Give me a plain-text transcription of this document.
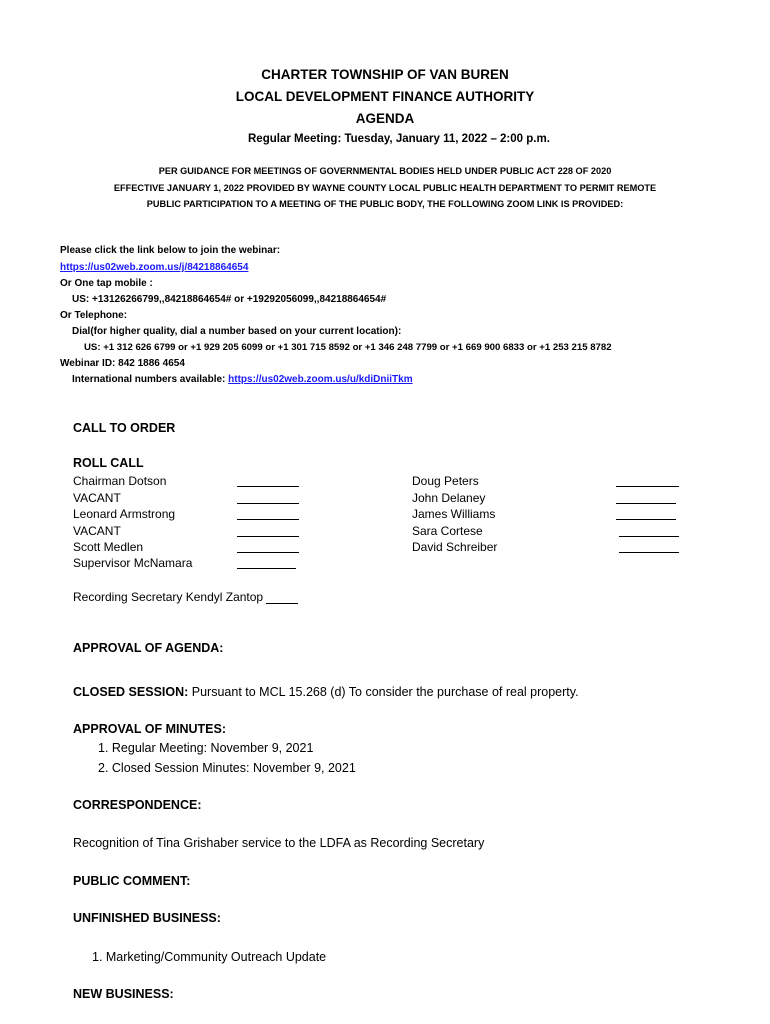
CHARTER TOWNSHIP OF VAN BUREN
LOCAL DEVELOPMENT FINANCE AUTHORITY
AGENDA
Regular Meeting: Tuesday, January 11, 2022 – 2:00 p.m.
PER GUIDANCE FOR MEETINGS OF GOVERNMENTAL BODIES HELD UNDER PUBLIC ACT 228 OF 2020
EFFECTIVE JANUARY 1, 2022 PROVIDED BY WAYNE COUNTY LOCAL PUBLIC HEALTH DEPARTMENT TO PERMIT REMOTE
PUBLIC PARTICIPATION TO A MEETING OF THE PUBLIC BODY, THE FOLLOWING ZOOM LINK IS PROVIDED:
Please click the link below to join the webinar:
https://us02web.zoom.us/j/84218864654
Or One tap mobile :
US: +13126266799,,84218864654# or +19292056099,,84218864654#
Or Telephone:
Dial(for higher quality, dial a number based on your current location):
US: +1 312 626 6799 or +1 929 205 6099 or +1 301 715 8592 or +1 346 248 7799 or +1 669 900 6833 or +1 253 215 8782
Webinar ID: 842 1886 4654
International numbers available: https://us02web.zoom.us/u/kdiDniiTkm
CALL TO ORDER
ROLL CALL
Chairman Dotson
VACANT
Leonard Armstrong
VACANT
Scott Medlen
Supervisor McNamara
Doug Peters
John Delaney
James Williams
Sara Cortese
David Schreiber
Recording Secretary Kendyl Zantop
APPROVAL OF AGENDA:
CLOSED SESSION: Pursuant to MCL 15.268 (d) To consider the purchase of real property.
APPROVAL OF MINUTES:
1. Regular Meeting: November 9, 2021
2. Closed Session Minutes: November 9, 2021
CORRESPONDENCE:
Recognition of Tina Grishaber service to the LDFA as Recording Secretary
PUBLIC COMMENT:
UNFINISHED BUSINESS:
1. Marketing/Community Outreach Update
NEW BUSINESS:
